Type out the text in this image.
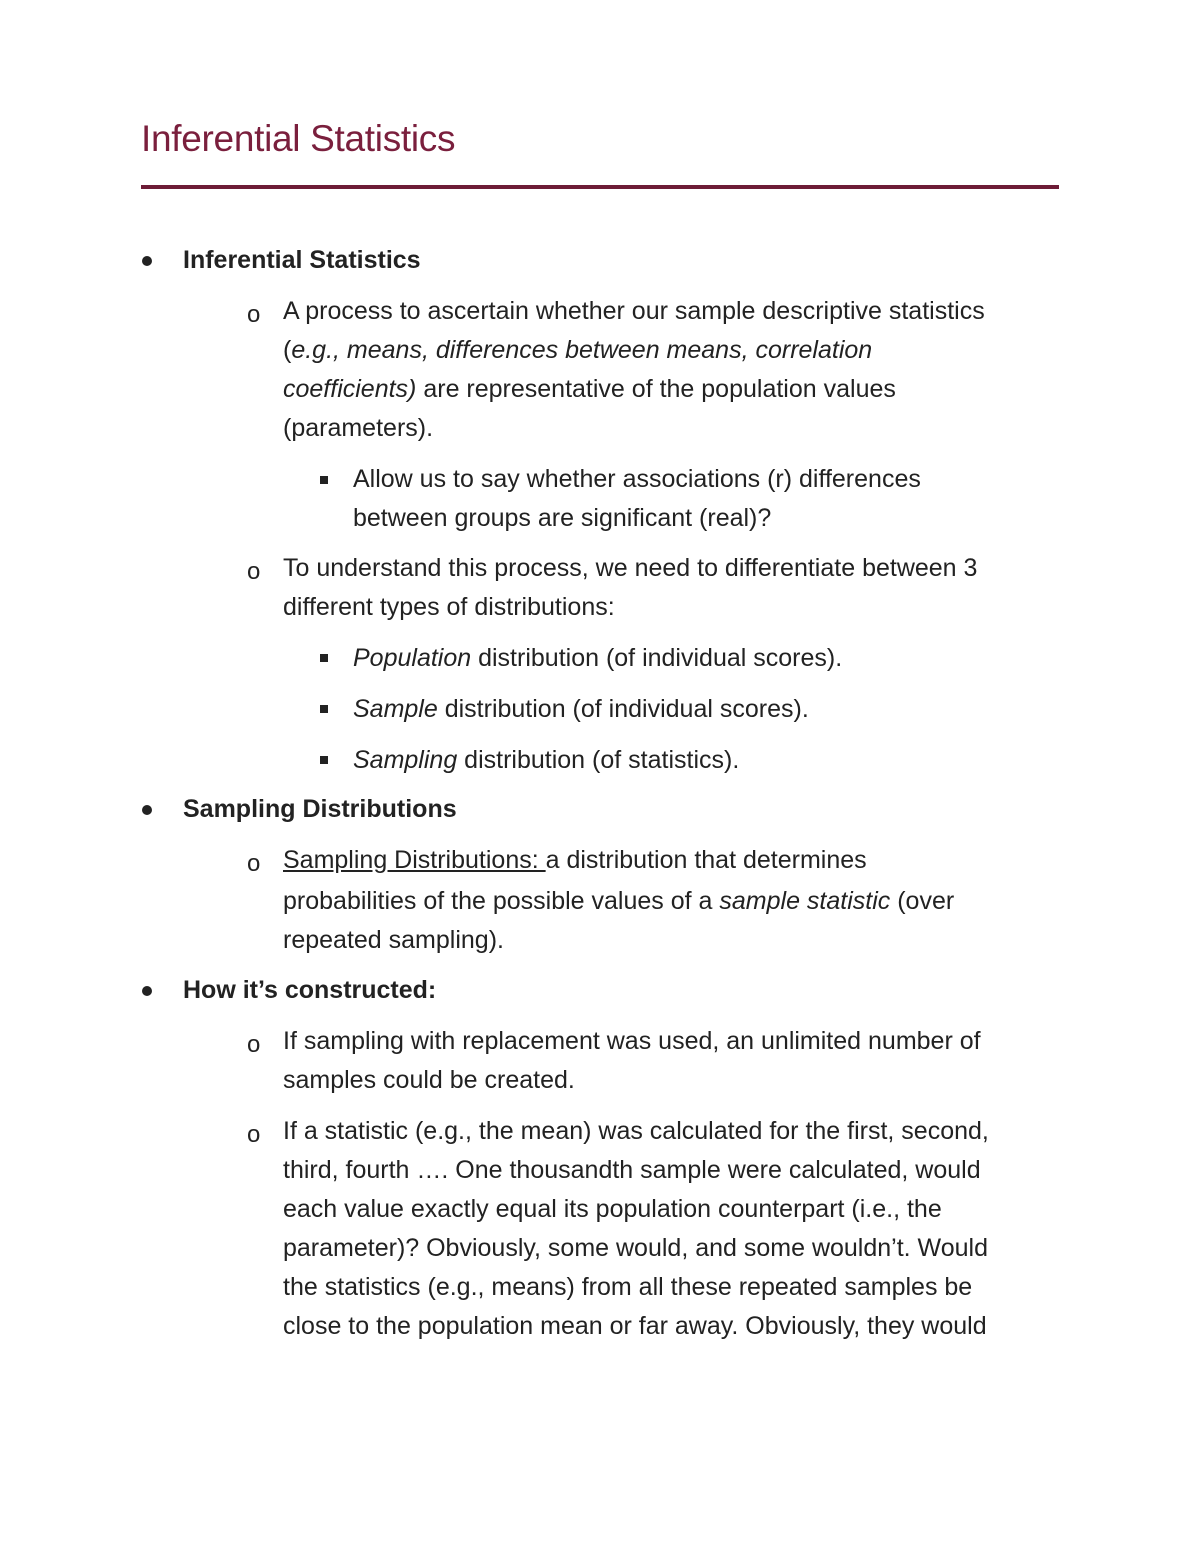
Inferential Statistics
Inferential Statistics
o A process to ascertain whether our sample descriptive statistics
(e.g., means, differences between means, correlation
coefficients) are representative of the population values
(parameters).
Allow us to say whether associations (r) differences
between groups are significant (real)?
o To understand this process, we need to differentiate between 3
different types of distributions:
Population distribution (of individual scores).
Sample distribution (of individual scores).
Sampling distribution (of statistics).
Sampling Distributions
o Sampling Distributions: a distribution that determines
probabilities of the possible values of a sample statistic (over
repeated sampling).
How it’s constructed:
o If sampling with replacement was used, an unlimited number of
samples could be created.
o If a statistic (e.g., the mean) was calculated for the first, second,
third, fourth …. One thousandth sample were calculated, would
each value exactly equal its population counterpart (i.e., the
parameter)? Obviously, some would, and some wouldn’t. Would
the statistics (e.g., means) from all these repeated samples be
close to the population mean or far away. Obviously, they would
